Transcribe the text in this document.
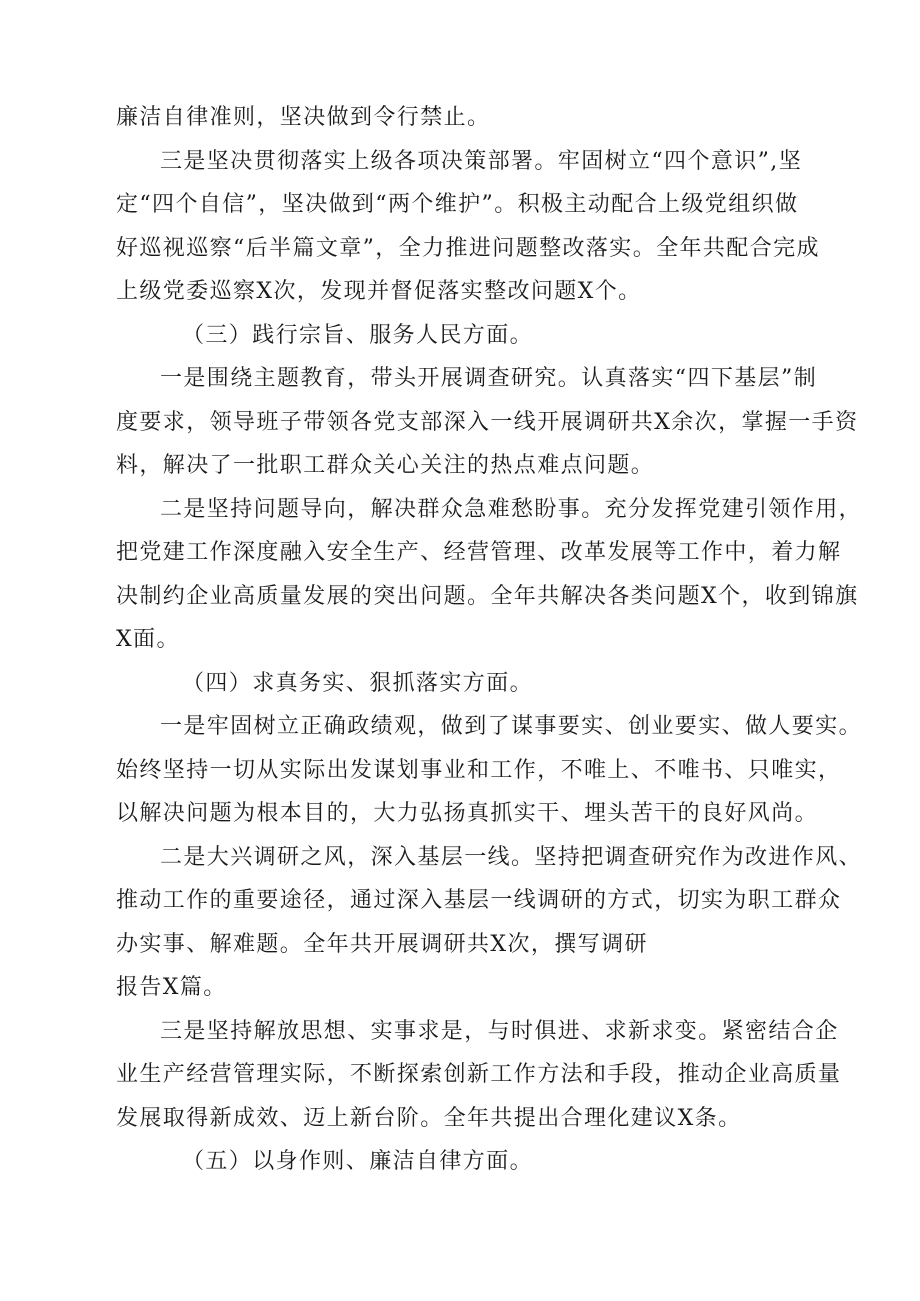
廉洁自律准则，坚决做到令行禁止。
三是坚决贯彻落实上级各项决策部署。牢固树立“四个意识”,坚
定“四个自信”，坚决做到“两个维护”。积极主动配合上级党组织做
好巡视巡察“后半篇文章”，全力推进问题整改落实。全年共配合完成
上级党委巡察X次，发现并督促落实整改问题X个。
（三）践行宗旨、服务人民方面。
一是围绕主题教育，带头开展调查研究。认真落实“四下基层”制
度要求，领导班子带领各党支部深入一线开展调研共X余次，掌握一手资
料，解决了一批职工群众关心关注的热点难点问题。
二是坚持问题导向，解决群众急难愁盼事。充分发挥党建引领作用，
把党建工作深度融入安全生产、经营管理、改革发展等工作中，着力解
决制约企业高质量发展的突出问题。全年共解决各类问题X个，收到锦旗
X面。
（四）求真务实、狠抓落实方面。
一是牢固树立正确政绩观，做到了谋事要实、创业要实、做人要实。
始终坚持一切从实际出发谋划事业和工作，不唯上、不唯书、只唯实，
以解决问题为根本目的，大力弘扬真抓实干、埋头苦干的良好风尚。
二是大兴调研之风，深入基层一线。坚持把调查研究作为改进作风、
推动工作的重要途径，通过深入基层一线调研的方式，切实为职工群众
办实事、解难题。全年共开展调研共X次，撰写调研
报告X篇。
三是坚持解放思想、实事求是，与时俱进、求新求变。紧密结合企
业生产经营管理实际，不断探索创新工作方法和手段，推动企业高质量
发展取得新成效、迈上新台阶。全年共提出合理化建议X条。
（五）以身作则、廉洁自律方面。
